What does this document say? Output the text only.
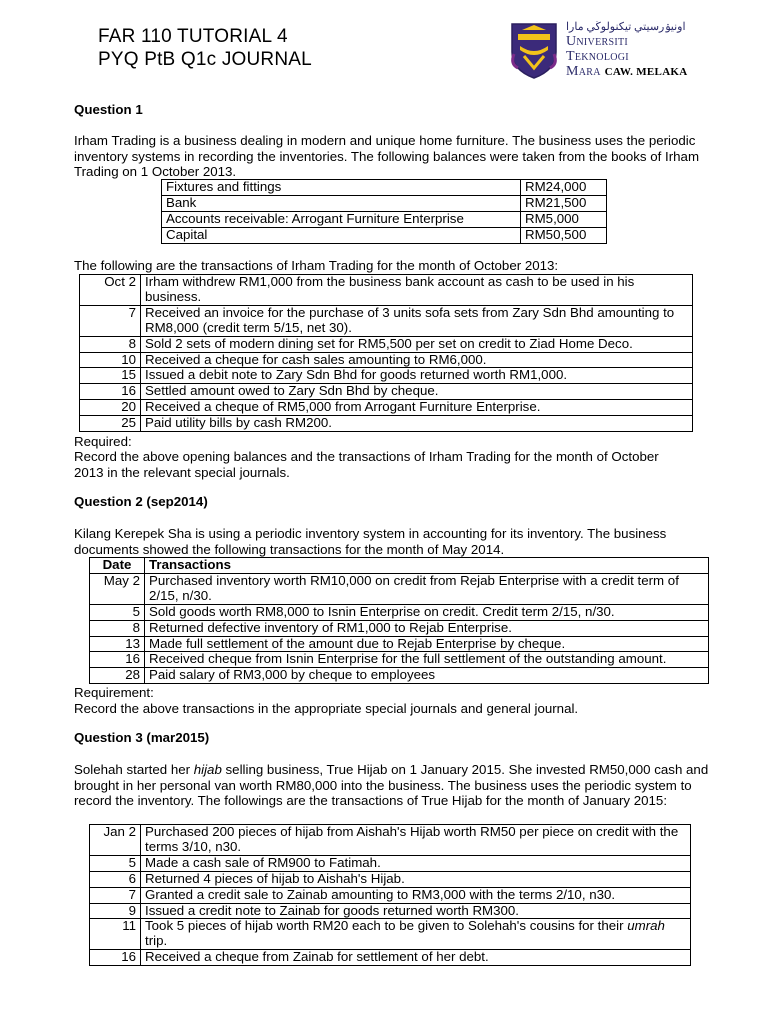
FAR 110 TUTORIAL 4
PYQ PtB Q1c JOURNAL
اونيۏرسيتي تيكنولوڬي مارا
Universiti
Teknologi
Mara CAW. MELAKA
Question 1
Irham Trading is a business dealing in modern and unique home furniture. The business uses the periodic inventory systems in recording the inventories. The following balances were taken from the books of Irham Trading on 1 October 2013.
Fixtures and fittings	RM24,000
Bank	RM21,500
Accounts receivable: Arrogant Furniture Enterprise	RM5,000
Capital	RM50,500
The following are the transactions of Irham Trading for the month of October 2013:
Oct 2	Irham withdrew RM1,000 from the business bank account as cash to be used in his business.
7	Received an invoice for the purchase of 3 units sofa sets from Zary Sdn Bhd amounting to RM8,000 (credit term 5/15, net 30).
8	Sold 2 sets of modern dining set for RM5,500 per set on credit to Ziad Home Deco.
10	Received a cheque for cash sales amounting to RM6,000.
15	Issued a debit note to Zary Sdn Bhd for goods returned worth RM1,000.
16	Settled amount owed to Zary Sdn Bhd by cheque.
20	Received a cheque of RM5,000 from Arrogant Furniture Enterprise.
25	Paid utility bills by cash RM200.
Required:
Record the above opening balances and the transactions of Irham Trading for the month of October 2013 in the relevant special journals.
Question 2 (sep2014)
Kilang Kerepek Sha is using a periodic inventory system in accounting for its inventory. The business documents showed the following transactions for the month of May 2014.
Date	Transactions
May 2	Purchased inventory worth RM10,000 on credit from Rejab Enterprise with a credit term of 2/15, n/30.
5	Sold goods worth RM8,000 to Isnin Enterprise on credit. Credit term 2/15, n/30.
8	Returned defective inventory of RM1,000 to Rejab Enterprise.
13	Made full settlement of the amount due to Rejab Enterprise by cheque.
16	Received cheque from Isnin Enterprise for the full settlement of the outstanding amount.
28	Paid salary of RM3,000 by cheque to employees
Requirement:
Record the above transactions in the appropriate special journals and general journal.
Question 3 (mar2015)
Solehah started her hijab selling business, True Hijab on 1 January 2015. She invested RM50,000 cash and brought in her personal van worth RM80,000 into the business. The business uses the periodic system to record the inventory. The followings are the transactions of True Hijab for the month of January 2015:
Jan 2	Purchased 200 pieces of hijab from Aishah's Hijab worth RM50 per piece on credit with the terms 3/10, n30.
5	Made a cash sale of RM900 to Fatimah.
6	Returned 4 pieces of hijab to Aishah's Hijab.
7	Granted a credit sale to Zainab amounting to RM3,000 with the terms 2/10, n30.
9	Issued a credit note to Zainab for goods returned worth RM300.
11	Took 5 pieces of hijab worth RM20 each to be given to Solehah's cousins for their umrah trip.
16	Received a cheque from Zainab for settlement of her debt.
